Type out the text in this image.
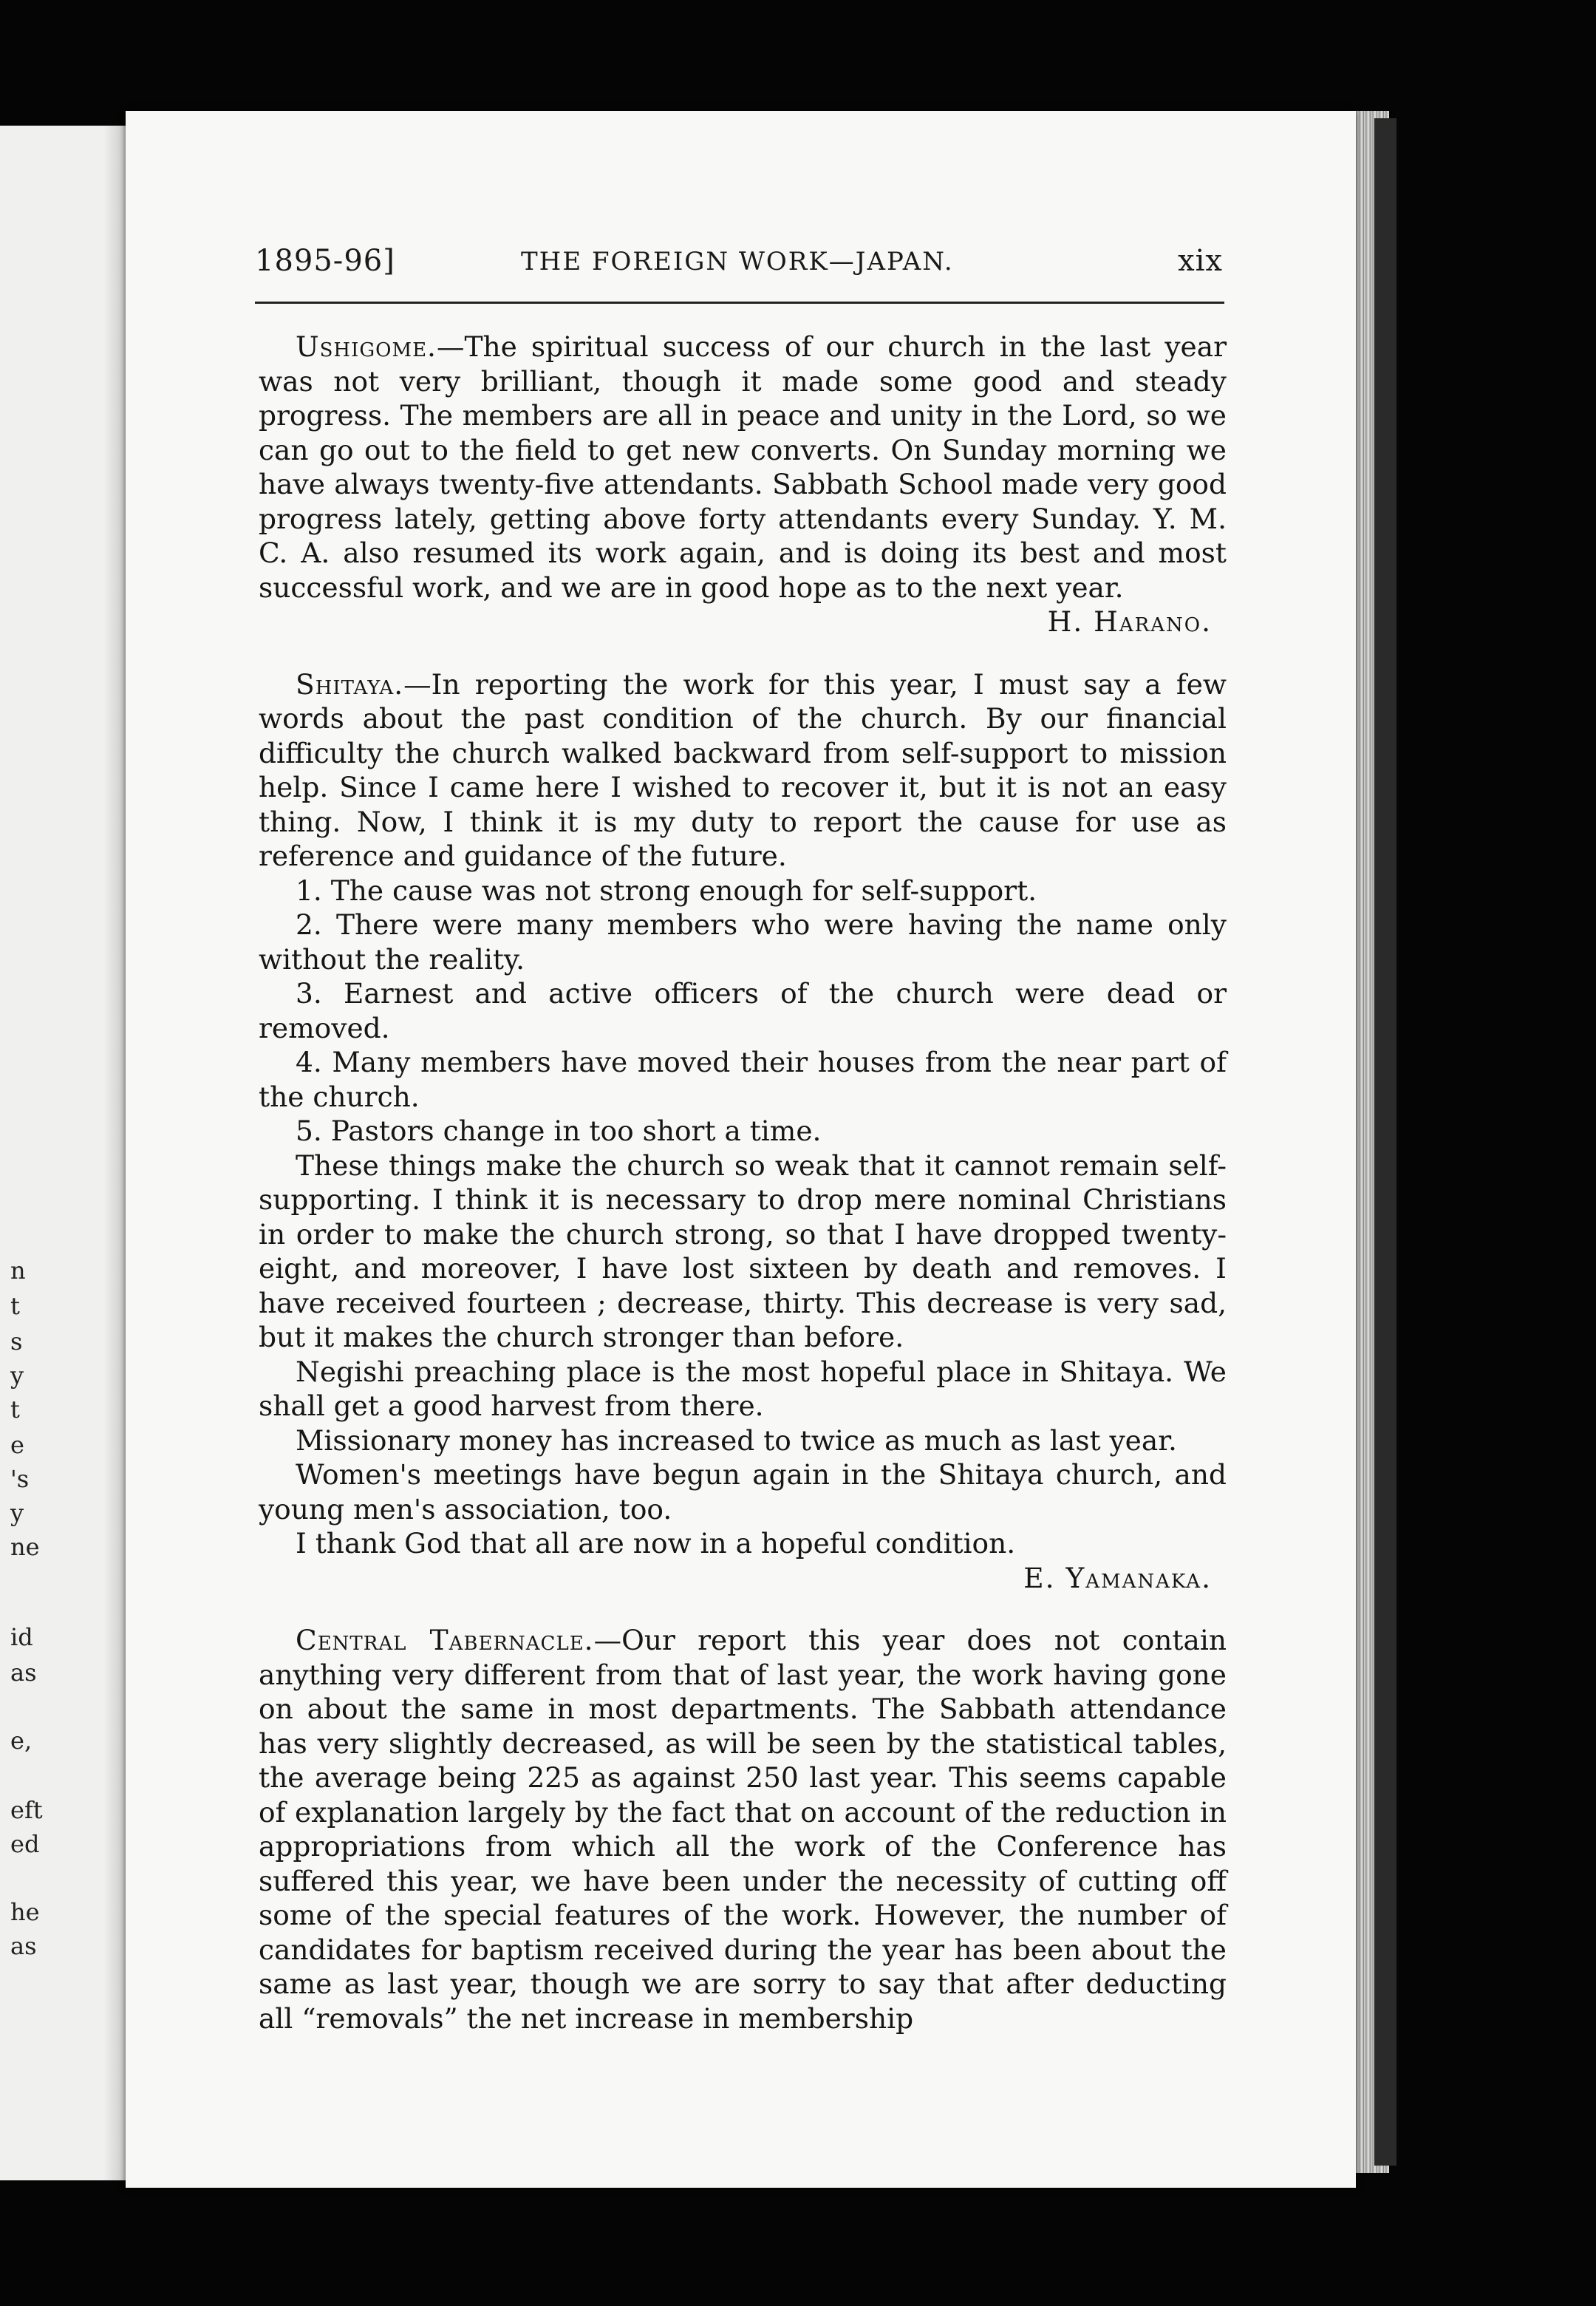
n
t
s
y
t
e
's
y
ne
id
as
e,
eft
ed
he
as
1895-96]	THE FOREIGN WORK—JAPAN.	xix

Ushigome.—The spiritual success of our church in the last year was not very brilliant, though it made some good and steady progress. The members are all in peace and unity in the Lord, so we can go out to the field to get new converts. On Sunday morning we have always twenty-five attendants. Sabbath School made very good progress lately, getting above forty attendants every Sunday. Y. M. C. A. also resumed its work again, and is doing its best and most successful work, and we are in good hope as to the next year.

H. Harano.

Shitaya.—In reporting the work for this year, I must say a few words about the past condition of the church. By our financial difficulty the church walked backward from self-support to mission help. Since I came here I wished to recover it, but it is not an easy thing. Now, I think it is my duty to report the cause for use as reference and guidance of the future.

1. The cause was not strong enough for self-support.

2. There were many members who were having the name only without the reality.

3. Earnest and active officers of the church were dead or removed.

4. Many members have moved their houses from the near part of the church.

5. Pastors change in too short a time.

These things make the church so weak that it cannot remain self-supporting. I think it is necessary to drop mere nominal Christians in order to make the church strong, so that I have dropped twenty-eight, and moreover, I have lost sixteen by death and removes. I have received fourteen ; decrease, thirty. This decrease is very sad, but it makes the church stronger than before.

Negishi preaching place is the most hopeful place in Shitaya. We shall get a good harvest from there.

Missionary money has increased to twice as much as last year.

Women's meetings have begun again in the Shitaya church, and young men's association, too.

I thank God that all are now in a hopeful condition.

E. Yamanaka.

Central Tabernacle.—Our report this year does not contain anything very different from that of last year, the work having gone on about the same in most departments. The Sabbath attendance has very slightly decreased, as will be seen by the statistical tables, the average being 225 as against 250 last year. This seems capable of explanation largely by the fact that on account of the reduction in appropriations from which all the work of the Conference has suffered this year, we have been under the necessity of cutting off some of the special features of the work. However, the number of candidates for baptism received during the year has been about the same as last year, though we are sorry to say that after deducting all “removals” the net increase in membership
